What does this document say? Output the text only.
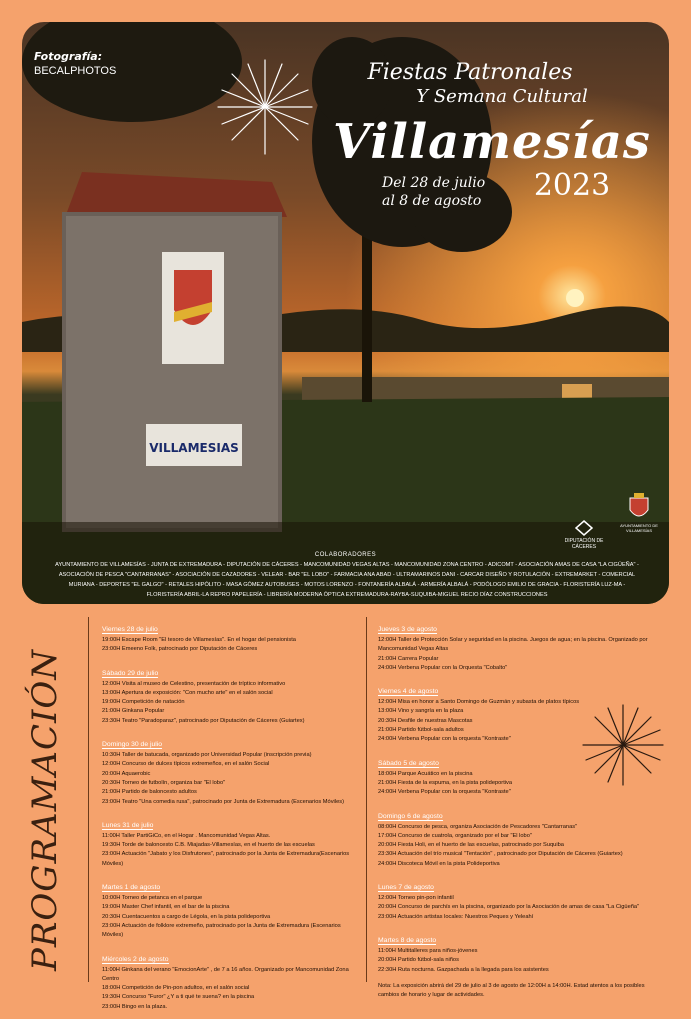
VILLAMESIAS
Fotografía:
BECALPHOTOS	Fiestas Patronales
Y Semana Cultural
Villamesías
Del 28 de julio
al 8 de agosto	2023
DIPUTACIÓN DE CÁCERES
AYUNTAMIENTO DE VILLAMESÍAS
COLABORADORES
AYUNTAMIENTO DE VILLAMESÍAS - JUNTA DE EXTREMADURA - DIPUTACIÓN DE CÁCERES - MANCOMUNIDAD VEGAS ALTAS - MANCOMUNIDAD ZONA CENTRO - ADICOMT - ASOCIACIÓN AMAS DE CASA "LA CIGÜEÑA" - ASOCIACIÓN DE PESCA "CANTARRANAS" - ASOCIACIÓN DE CAZADORES - VELEAR - BAR "EL LOBO" - FARMACIA ANA ABAD - ULTRAMARINOS DANI - CARCAR DISEÑO Y ROTULACIÓN - EXTREMARKET - COMERCIAL MURIANA - DEPORTES "EL GALGO" - RETALES HIPÓLITO - MASA GÓMEZ AUTOBUSES - MOTOS LORENZO - FONTANERÍA ALBALÁ - ARMERÍA ALBALÁ - PODÓLOGO EMILIO DE GRACIA - FLORISTERÍA LUZ-MA - FLORISTERÍA ABRIL-LA REPRO PAPELERÍA - LIBRERÍA MODERNA ÓPTICA EXTREMADURA-RAYBA-SUQUIBA-MIGUEL RECIO DÍAZ CONSTRUCCIONES
PROGRAMACIÓN
Viernes 28 de julio
19:00H Escape Room "El tesoro de Villamesías". En el hogar del pensionista
23:00H Emeeno Folk, patrocinado por Diputación de Cáceres
Sábado 29 de julio
12:00H Visita al museo de Celestino, presentación de tríptico informativo
13:00H Apertura de exposición: "Con mucho arte" en el salón social
19:00H Competición de natación
21:00H Ginkana Popular
23:30H Teatro "Paradoparaz", patrocinado por Diputación de Cáceres (Guiartex)
Domingo 30 de julio
10:30H Taller de batucada, organizado por Universidad Popular (inscripción previa)
12:00H Concurso de dulces típicos extremeños, en el salón Social
20:00H Aquaerobic
20:30H Torneo de futbolín, organiza bar "El lobo"
21:00H Partido de baloncesto adultos
23:00H Teatro "Una comedia rusa", patrocinado por Junta de Extremadura (Escenarios Móviles)
Lunes 31 de julio
11:00H Taller PartiGiCo, en el Hogar . Mancomunidad Vegas Altas.
19:30H Torde de baloncesto C.B. Miajadas-Villamesías, en el huerto de las escuelas
23:00H Actuación "Jabato y los Disfrutones", patrocinado por la Junta de Extremadura(Escenarios Móviles)
Martes 1 de agosto
10:00H Torneo de petanca en el parque
19:00H Master Chef infantil, en el bar de la piscina
20:30H Cuentacuentos a cargo de Légola, en la pista polideportiva
23:00H Actuación de folklore extremeño, patrocinado por la Junta de Extremadura (Escenarios Móviles)
Miércoles 2 de agosto
11:00H Ginkana del verano "EmocionArte" , de 7 a 16 años. Organizado por Mancomunidad Zona Centro
18:00H Competición de Pin-pon adultos, en el salón social
19:30H Concurso "Furor" ¿Y a ti qué te suena? en la piscina
23:00H Bingo en la plaza.
Jueves 3 de agosto
12:00H Taller de Protección Solar y seguridad en la piscina. Juegos de agua; en la piscina. Organizado por Mancomunidad Vegas Altas
21:00H Carrera Popular
24:00H Verbena Popular con la Orquesta "Cobalto"
Viernes 4 de agosto
12:00H Misa en honor a Santo Domingo de Guzmán y subasta de platos típicos
13:00H Vino y sangría en la plaza
20:30H Desfile de nuestras Mascotas
21:00H Partido fútbol-sala adultos
24:00H Verbena Popular con la orquesta "Kontraste"
Sábado 5 de agosto
18:00H Parque Acuático en la piscina
21:00H Fiesta de la espuma, en la pista polideportiva
24:00H Verbena Popular con la orquesta "Kontraste"
Domingo 6 de agosto
08:00H Concurso de pesca, organiza Asociación de Pescadores "Cantarranas"
17:00H Concurso de cuatrola, organizado por el bar "El lobo"
20:00H Fiesta Holi, en el huerto de las escuelas, patrocinado por Suquiba
23:30H Actuación del trío musical "Tentación" , patrocinado por Diputación de Cáceres (Guiartex)
24:00H Discoteca Móvil en la pista Polideportiva
Lunes 7 de agosto
12:00H Torneo pin-pon infantil
20:00H Concurso de parchís en la piscina, organizado por la Asociación de amas de casa "La Cigüeña"
23:00H Actuación artistas locales: Nuestros Peques y Yeleahí
Martes 8 de agosto
11:00H Multitalleres para niños-jóvenes
20:00H Partido fútbol-sala niños
22:30H Ruta nocturna. Gazpachada a la llegada para los asistentes
Nota: La exposición abrirá del 29 de julio al 3 de agosto de 12:00H a 14:00H. Estad atentos a los posibles cambios de horario y lugar de actividades.
